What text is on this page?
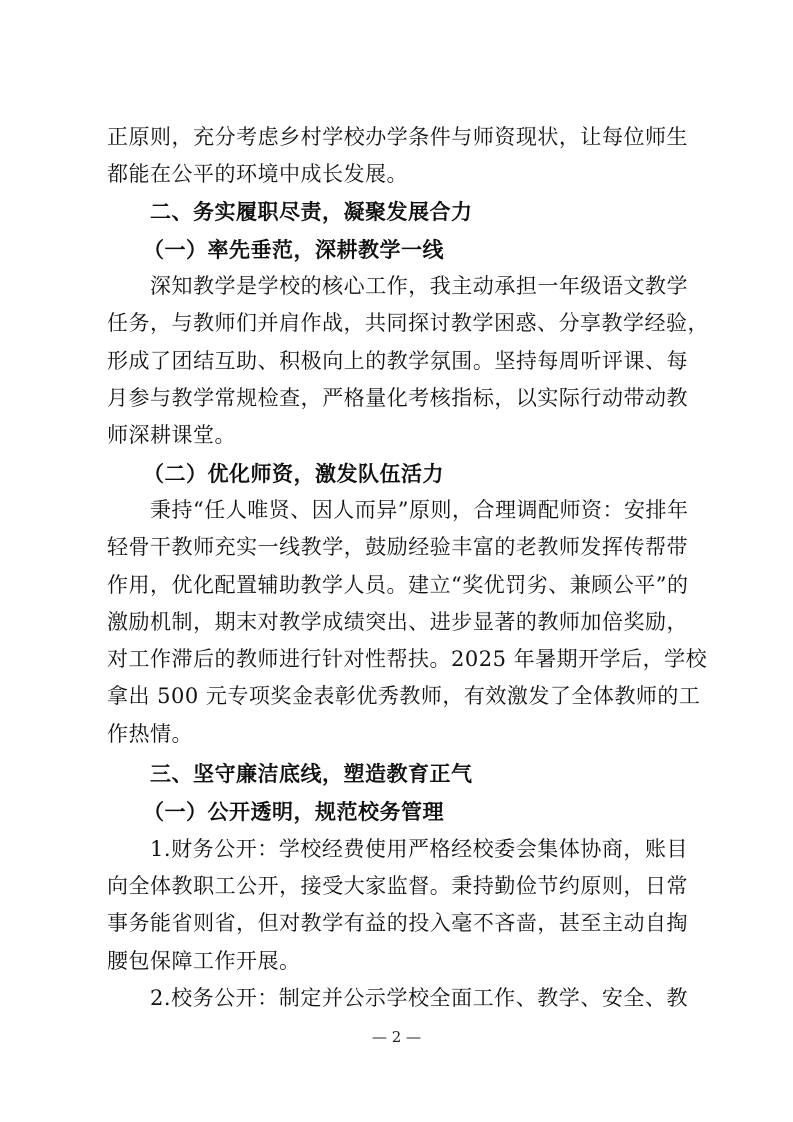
正原则，充分考虑乡村学校办学条件与师资现状，让每位师生
都能在公平的环境中成长发展。
二、务实履职尽责，凝聚发展合力
（一）率先垂范，深耕教学一线
深知教学是学校的核心工作，我主动承担一年级语文教学
任务，与教师们并肩作战，共同探讨教学困惑、分享教学经验，
形成了团结互助、积极向上的教学氛围。坚持每周听评课、每
月参与教学常规检查，严格量化考核指标，以实际行动带动教
师深耕课堂。
（二）优化师资，激发队伍活力
秉持“任人唯贤、因人而异”原则，合理调配师资：安排年
轻骨干教师充实一线教学，鼓励经验丰富的老教师发挥传帮带
作用，优化配置辅助教学人员。建立“奖优罚劣、兼顾公平”的
激励机制，期末对教学成绩突出、进步显著的教师加倍奖励，
对工作滞后的教师进行针对性帮扶。2025 年暑期开学后，学校
拿出 500 元专项奖金表彰优秀教师，有效激发了全体教师的工
作热情。
三、坚守廉洁底线，塑造教育正气
（一）公开透明，规范校务管理
1.财务公开：学校经费使用严格经校委会集体协商，账目
向全体教职工公开，接受大家监督。秉持勤俭节约原则，日常
事务能省则省，但对教学有益的投入毫不吝啬，甚至主动自掏
腰包保障工作开展。
2.校务公开：制定并公示学校全面工作、教学、安全、教
— 2 —
